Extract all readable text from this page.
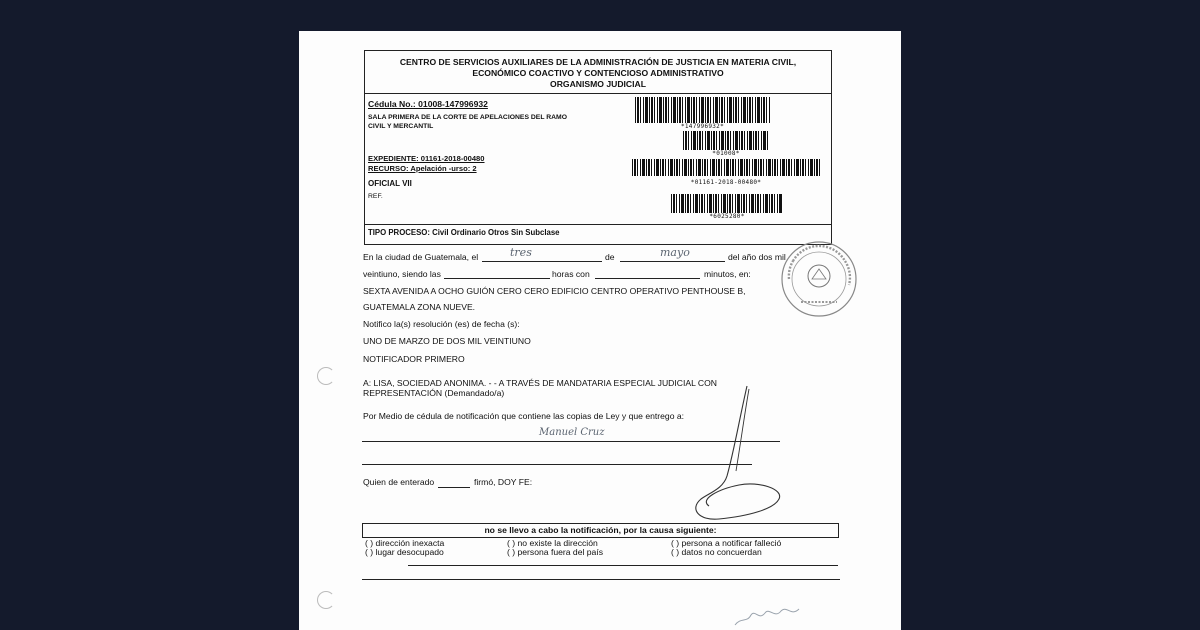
CENTRO DE SERVICIOS AUXILIARES DE LA ADMINISTRACIÓN DE JUSTICIA EN MATERIA CIVIL,
ECONÓMICO COACTIVO Y CONTENCIOSO ADMINISTRATIVO
ORGANISMO JUDICIAL
Cédula No.: 01008-147996932
SALA PRIMERA DE LA CORTE DE APELACIONES DEL RAMO
CIVIL Y MERCANTIL
EXPEDIENTE: 01161-2018-00480
RECURSO: Apelación -urso: 2
OFICIAL VII
REF.
*147996932*
*01008*
*01161-2018-00480*
*6025280*
TIPO PROCESO: Civil Ordinario Otros Sin Subclase
En la ciudad de Guatemala, el	tres	de	mayo	del año dos mil
veintiuno, siendo las	horas con	minutos, en:
SEXTA AVENIDA A OCHO GUIÓN CERO CERO EDIFICIO CENTRO OPERATIVO PENTHOUSE B,
GUATEMALA ZONA NUEVE.
Notifico la(s) resolución (es) de fecha (s):
UNO DE MARZO DE DOS MIL VEINTIUNO
NOTIFICADOR PRIMERO
A: LISA, SOCIEDAD ANONIMA. - - A TRAVÉS DE MANDATARIA ESPECIAL JUDICIAL CON
REPRESENTACIÓN (Demandado/a)
Por Medio de cédula de notificación que contiene las copias de Ley y que entrego a:
Manuel Cruz
Quien de enterado	firmó, DOY FE:
no se llevo a cabo la notificación, por la causa siguiente:
( ) dirección inexacta	( ) no existe la dirección	( ) persona a notificar falleció
( ) lugar desocupado	( ) persona fuera del país	( ) datos no concuerdan
